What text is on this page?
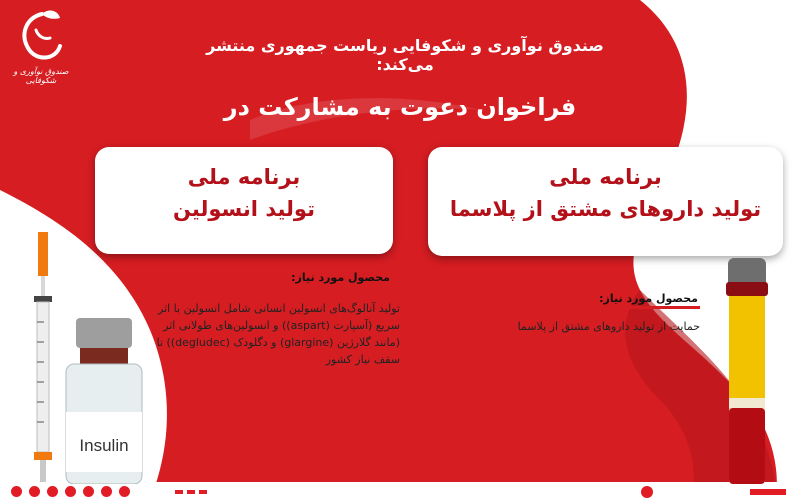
صندوق نوآوری و شکوفایی
صندوق نوآوری و شکوفایی ریاست جمهوری منتشر می‌کند:
فراخوان دعوت به مشارکت در
برنامه ملی
تولید انسولین
برنامه ملی
تولید داروهای مشتق از پلاسما
محصول مورد نیاز:
تولید آنالوگ‌های انسولین انسانی شامل انسولین با اثر سریع (آسپارت (aspart)) و انسولین‌های طولانی اثر (مانند گلارژین (glargine) و دگلودک (degludec)) تا سقف نیاز کشور
محصول مورد نیاز:
حمایت از تولید داروهای مشتق از پلاسما
Insulin
